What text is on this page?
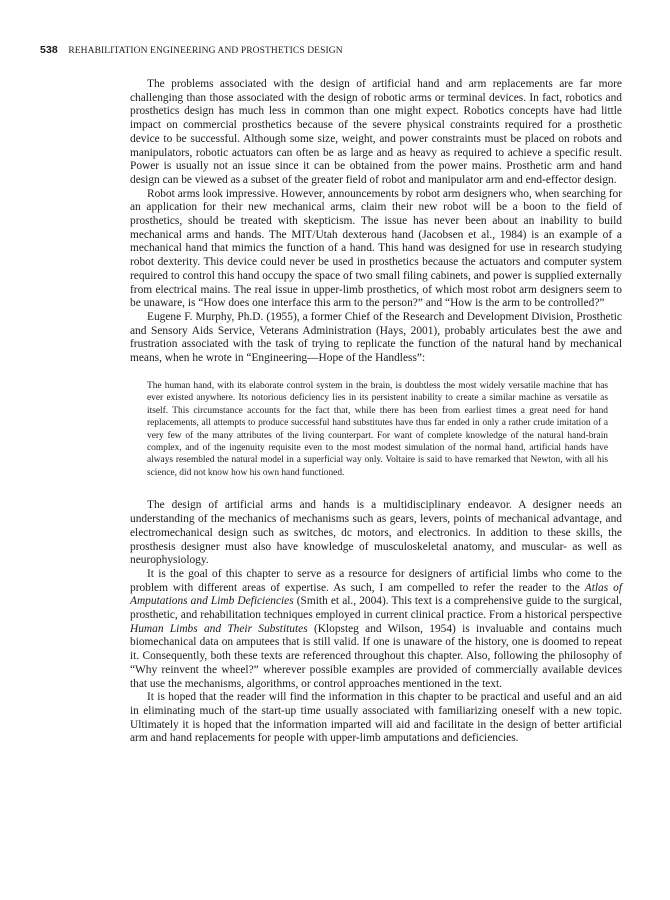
538 REHABILITATION ENGINEERING AND PROSTHETICS DESIGN

The problems associated with the design of artificial hand and arm replacements are far more challenging than those associated with the design of robotic arms or terminal devices. In fact, robotics and prosthetics design has much less in common than one might expect. Robotics concepts have had little impact on commercial prosthetics because of the severe physical constraints required for a prosthetic device to be successful. Although some size, weight, and power constraints must be placed on robots and manipulators, robotic actuators can often be as large and as heavy as required to achieve a specific result. Power is usually not an issue since it can be obtained from the power mains. Prosthetic arm and hand design can be viewed as a subset of the greater field of robot and manipulator arm and end-effector design.

Robot arms look impressive. However, announcements by robot arm designers who, when searching for an application for their new mechanical arms, claim their new robot will be a boon to the field of prosthetics, should be treated with skepticism. The issue has never been about an inability to build mechanical arms and hands. The MIT/Utah dexterous hand (Jacobsen et al., 1984) is an example of a mechanical hand that mimics the function of a hand. This hand was designed for use in research studying robot dexterity. This device could never be used in prosthetics because the actuators and computer system required to control this hand occupy the space of two small filing cabinets, and power is supplied externally from electrical mains. The real issue in upper-limb prosthetics, of which most robot arm designers seem to be unaware, is “How does one interface this arm to the person?” and “How is the arm to be controlled?”

Eugene F. Murphy, Ph.D. (1955), a former Chief of the Research and Development Division, Prosthetic and Sensory Aids Service, Veterans Administration (Hays, 2001), probably articulates best the awe and frustration associated with the task of trying to replicate the function of the natural hand by mechanical means, when he wrote in “Engineering—Hope of the Handless”:

The human hand, with its elaborate control system in the brain, is doubtless the most widely versatile machine that has ever existed anywhere. Its notorious deficiency lies in its persistent inability to create a similar machine as versatile as itself. This circumstance accounts for the fact that, while there has been from earliest times a great need for hand replacements, all attempts to produce successful hand substitutes have thus far ended in only a rather crude imitation of a very few of the many attributes of the living counterpart. For want of complete knowledge of the natural hand-brain complex, and of the ingenuity requisite even to the most modest simulation of the normal hand, artificial hands have always resembled the natural model in a superficial way only. Voltaire is said to have remarked that Newton, with all his science, did not know how his own hand functioned.

The design of artificial arms and hands is a multidisciplinary endeavor. A designer needs an understanding of the mechanics of mechanisms such as gears, levers, points of mechanical advantage, and electromechanical design such as switches, dc motors, and electronics. In addition to these skills, the prosthesis designer must also have knowledge of musculoskeletal anatomy, and muscular- as well as neurophysiology.

It is the goal of this chapter to serve as a resource for designers of artificial limbs who come to the problem with different areas of expertise. As such, I am compelled to refer the reader to the Atlas of Amputations and Limb Deficiencies (Smith et al., 2004). This text is a comprehensive guide to the surgical, prosthetic, and rehabilitation techniques employed in current clinical practice. From a historical perspective Human Limbs and Their Substitutes (Klopsteg and Wilson, 1954) is invaluable and contains much biomechanical data on amputees that is still valid. If one is unaware of the history, one is doomed to repeat it. Consequently, both these texts are referenced throughout this chapter. Also, following the philosophy of “Why reinvent the wheel?” wherever possible examples are provided of commercially available devices that use the mechanisms, algorithms, or control approaches mentioned in the text.

It is hoped that the reader will find the information in this chapter to be practical and useful and an aid in eliminating much of the start-up time usually associated with familiarizing oneself with a new topic. Ultimately it is hoped that the information imparted will aid and facilitate in the design of better artificial arm and hand replacements for people with upper-limb amputations and deficiencies.
